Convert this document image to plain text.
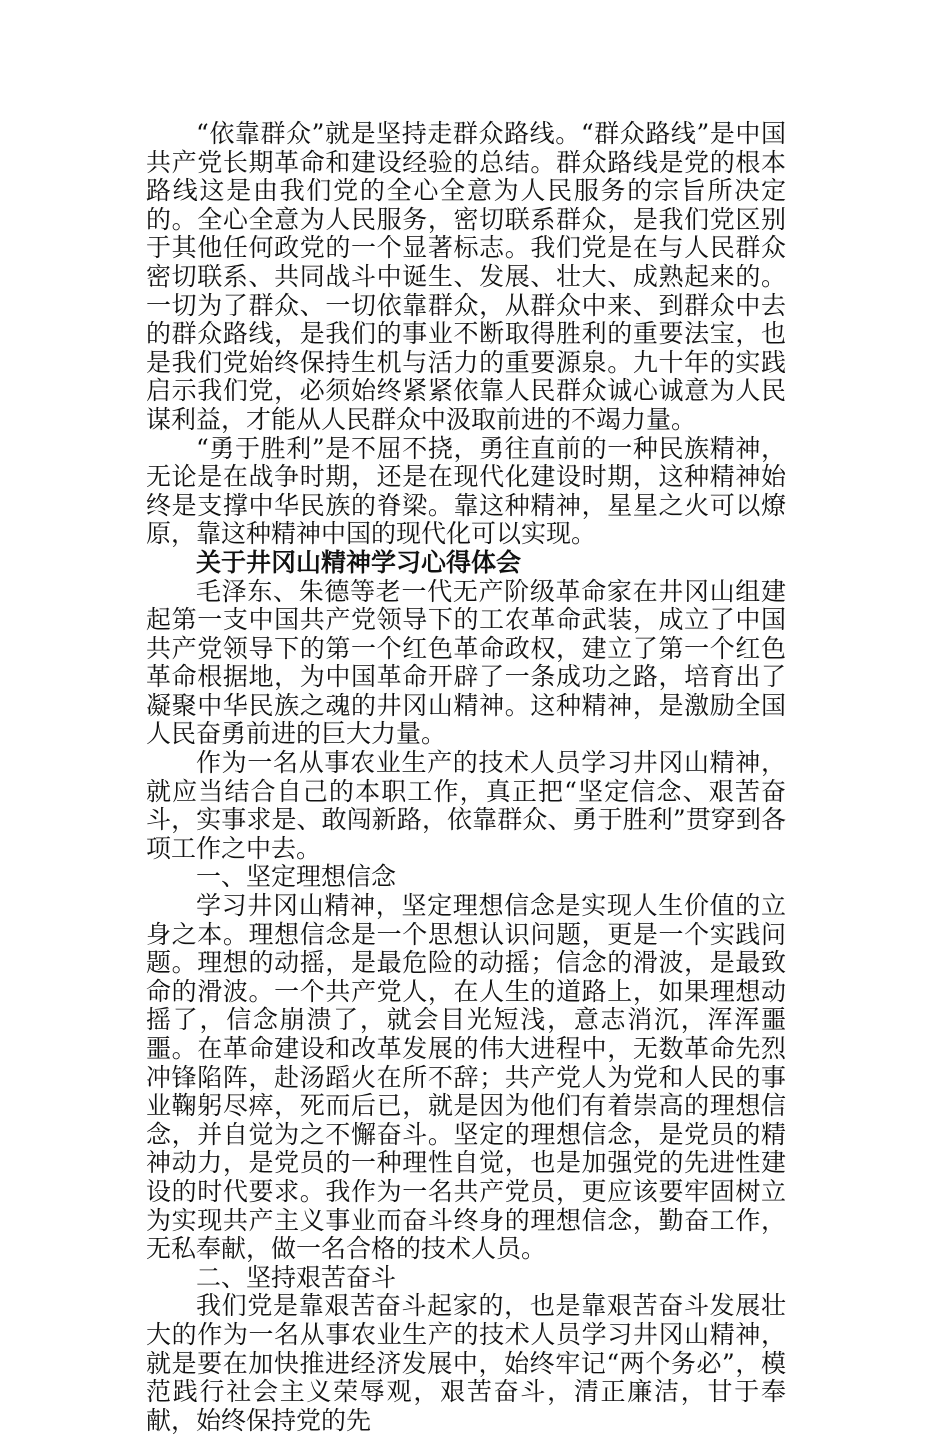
“依靠群众”就是坚持走群众路线。“群众路线”是中国共产党长期革命和建设经验的总结。群众路线是党的根本路线这是由我们党的全心全意为人民服务的宗旨所决定的。全心全意为人民服务，密切联系群众，是我们党区别于其他任何政党的一个显著标志。我们党是在与人民群众密切联系、共同战斗中诞生、发展、壮大、成熟起来的。一切为了群众、一切依靠群众，从群众中来、到群众中去的群众路线，是我们的事业不断取得胜利的重要法宝，也是我们党始终保持生机与活力的重要源泉。九十年的实践启示我们党，必须始终紧紧依靠人民群众诚心诚意为人民谋利益，才能从人民群众中汲取前进的不竭力量。

“勇于胜利”是不屈不挠，勇往直前的一种民族精神，无论是在战争时期，还是在现代化建设时期，这种精神始终是支撑中华民族的脊梁。靠这种精神，星星之火可以燎原，靠这种精神中国的现代化可以实现。

关于井冈山精神学习心得体会

毛泽东、朱德等老一代无产阶级革命家在井冈山组建起第一支中国共产党领导下的工农革命武装，成立了中国共产党领导下的第一个红色革命政权，建立了第一个红色革命根据地，为中国革命开辟了一条成功之路，培育出了凝聚中华民族之魂的井冈山精神。这种精神，是激励全国人民奋勇前进的巨大力量。

作为一名从事农业生产的技术人员学习井冈山精神，就应当结合自己的本职工作，真正把“坚定信念、艰苦奋斗，实事求是、敢闯新路，依靠群众、勇于胜利”贯穿到各项工作之中去。

一、坚定理想信念

学习井冈山精神，坚定理想信念是实现人生价值的立身之本。理想信念是一个思想认识问题，更是一个实践问题。理想的动摇，是最危险的动摇；信念的滑波，是最致命的滑波。一个共产党人，在人生的道路上，如果理想动摇了，信念崩溃了，就会目光短浅，意志消沉，浑浑噩噩。在革命建设和改革发展的伟大进程中，无数革命先烈冲锋陷阵，赴汤蹈火在所不辞；共产党人为党和人民的事业鞠躬尽瘁，死而后已，就是因为他们有着崇高的理想信念，并自觉为之不懈奋斗。坚定的理想信念，是党员的精神动力，是党员的一种理性自觉，也是加强党的先进性建设的时代要求。我作为一名共产党员，更应该要牢固树立为实现共产主义事业而奋斗终身的理想信念，勤奋工作，无私奉献，做一名合格的技术人员。

二、坚持艰苦奋斗

我们党是靠艰苦奋斗起家的，也是靠艰苦奋斗发展壮大的作为一名从事农业生产的技术人员学习井冈山精神，就是要在加快推进经济发展中，始终牢记“两个务必”，模范践行社会主义荣辱观，艰苦奋斗，清正廉洁，甘于奉献，始终保持党的先
